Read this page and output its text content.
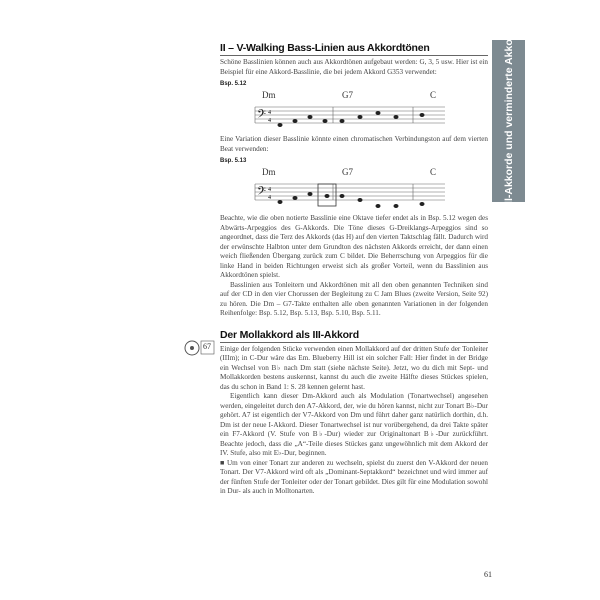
Moll-Akkorde und verminderte Akkorde
II – V-Walking Bass-Linien aus Akkordtönen

Schöne Basslinien können auch aus Akkordtönen aufgebaut werden: G, 3, 5 usw. Hier ist ein Beispiel für eine Akkord-Basslinie, die bei jedem Akkord G353 verwendet:

Bsp. 5.12
Dm	G7	C
𝄢 4
4

Eine Variation dieser Basslinie könnte einen chromatischen Verbindungston auf dem vierten Beat verwenden:

Bsp. 5.13
Dm	G7	C
𝄢 4
4

Beachte, wie die oben notierte Basslinie eine Oktave tiefer endet als in Bsp. 5.12 wegen des Abwärts-Arpeggios des G-Akkords. Die Töne dieses G-Dreiklangs-Arpeggios sind so angeordnet, dass die Terz des Akkords (das H) auf den vierten Taktschlag fällt. Dadurch wird der erwünschte Halbton unter dem Grundton des nächsten Akkords erreicht, der dann einen weich fließenden Übergang zurück zum C bildet. Die Beherrschung von Arpeggios für die linke Hand in beiden Richtungen erweist sich als großer Vorteil, wenn du Basslinien aus Akkordtönen spielst.

Basslinien aus Tonleitern und Akkordtönen mit all den oben genannten Techniken sind auf der CD in den vier Chorussen der Begleitung zu C Jam Blues (zweite Version, Seite 92) zu hören. Die Dm – G7-Takte enthalten alle oben genannten Variationen in der folgenden Reihenfolge: Bsp. 5.12, Bsp. 5.13, Bsp. 5.10, Bsp. 5.11.

Der Mollakkord als III-Akkord

Einige der folgenden Stücke verwenden einen Mollakkord auf der dritten Stufe der Tonleiter (IIIm); in C-Dur wäre das Em. Blueberry Hill ist ein solcher Fall: Hier findet in der Bridge ein Wechsel von B♭ nach Dm statt (siehe nächste Seite). Jetzt, wo du dich mit Sept- und Mollakkorden bestens auskennst, kannst du auch die zweite Hälfte dieses Stückes spielen, das du schon in Band 1: S. 28 kennen gelernt hast.

Eigentlich kann dieser Dm-Akkord auch als Modulation (Tonartwechsel) angesehen werden, eingeleitet durch den A7-Akkord, der, wie du hören kannst, nicht zur Tonart B♭-Dur gehört. A7 ist eigentlich der V7-Akkord von Dm und führt daher ganz natürlich dorthin, d.h. Dm ist der neue I-Akkord. Dieser Tonartwechsel ist nur vorübergehend, da drei Takte später ein F7-Akkord (V. Stufe von B♭-Dur) wieder zur Originaltonart B♭-Dur zurückführt. Beachte jedoch, dass die „A“-Teile dieses Stückes ganz ungewöhnlich mit dem Akkord der IV. Stufe, also mit E♭-Dur, beginnen.

■ Um von einer Tonart zur anderen zu wechseln, spielst du zuerst den V-Akkord der neuen Tonart. Der V7-Akkord wird oft als „Dominant-Septakkord“ bezeichnet und wird immer auf der fünften Stufe der Tonleiter oder der Tonart gebildet. Dies gilt für eine Modulation sowohl in Dur- als auch in Molltonarten.

67
61
